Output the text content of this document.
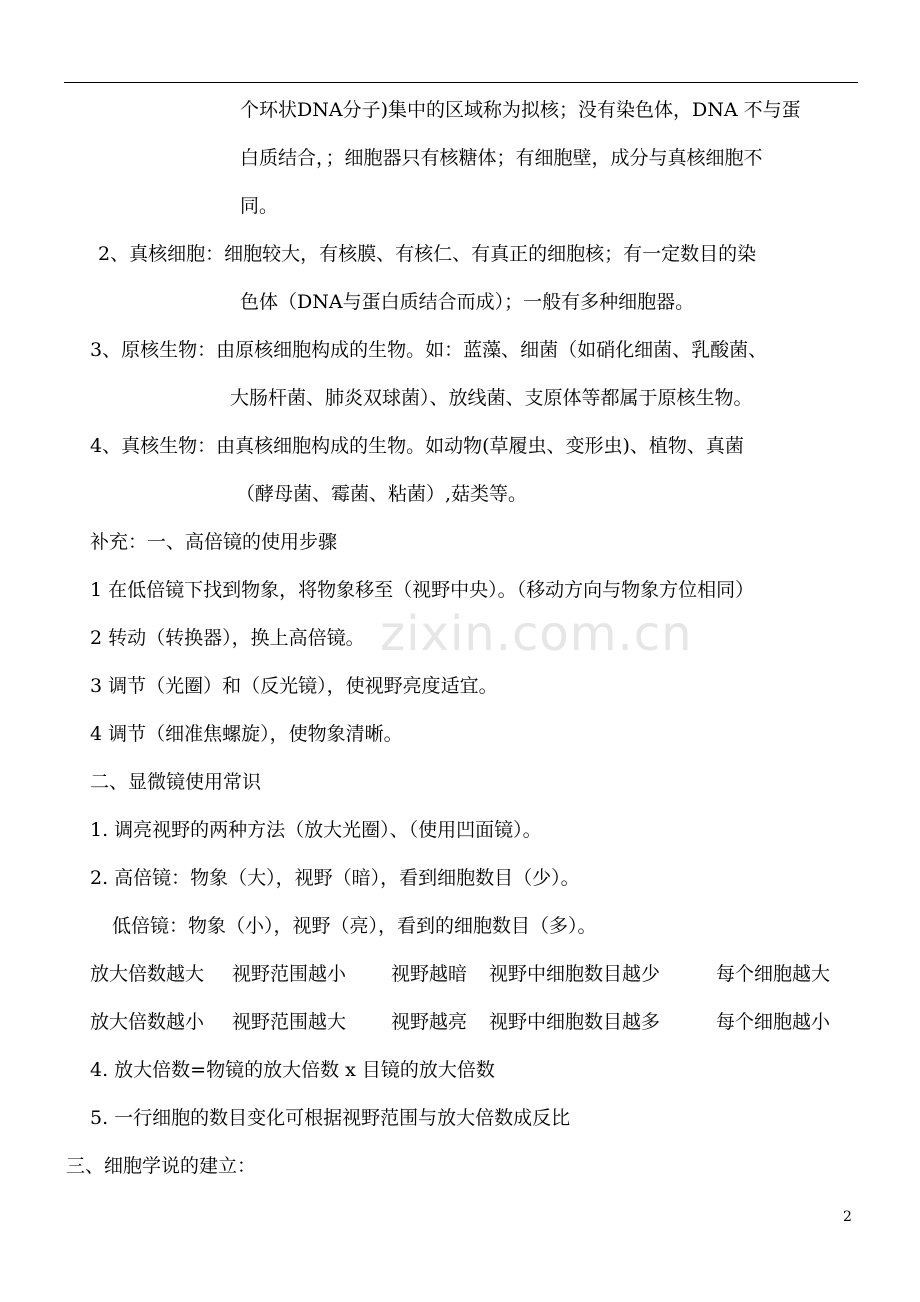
zixin.com.cn

个环状DNA分子)集中的区域称为拟核；没有染色体，DNA 不与蛋

白质结合，；细胞器只有核糖体；有细胞壁，成分与真核细胞不

同。

2、真核细胞：细胞较大，有核膜、有核仁、有真正的细胞核；有一定数目的染

色体（DNA与蛋白质结合而成）；一般有多种细胞器。

3、原核生物：由原核细胞构成的生物。如：蓝藻、细菌（如硝化细菌、乳酸菌、

大肠杆菌、肺炎双球菌）、放线菌、支原体等都属于原核生物。

4、真核生物：由真核细胞构成的生物。如动物(草履虫、变形虫)、植物、真菌

（酵母菌、霉菌、粘菌）,菇类等。

补充：一、高倍镜的使用步骤

1 在低倍镜下找到物象，将物象移至（视野中央）。（移动方向与物象方位相同）

2 转动（转换器），换上高倍镜。

3 调节（光圈）和（反光镜），使视野亮度适宜。

4 调节（细准焦螺旋），使物象清晰。

二、显微镜使用常识

1. 调亮视野的两种方法（放大光圈）、（使用凹面镜）。

2. 高倍镜：物象（大），视野（暗），看到细胞数目（少）。

低倍镜：物象（小），视野（亮），看到的细胞数目（多）。

放大倍数越大 视野范围越小 视野越暗 视野中细胞数目越少	每个细胞越大
放大倍数越小 视野范围越大 视野越亮 视野中细胞数目越多	每个细胞越小

4. 放大倍数=物镜的放大倍数 x 目镜的放大倍数

5. 一行细胞的数目变化可根据视野范围与放大倍数成反比

三、细胞学说的建立：

2
